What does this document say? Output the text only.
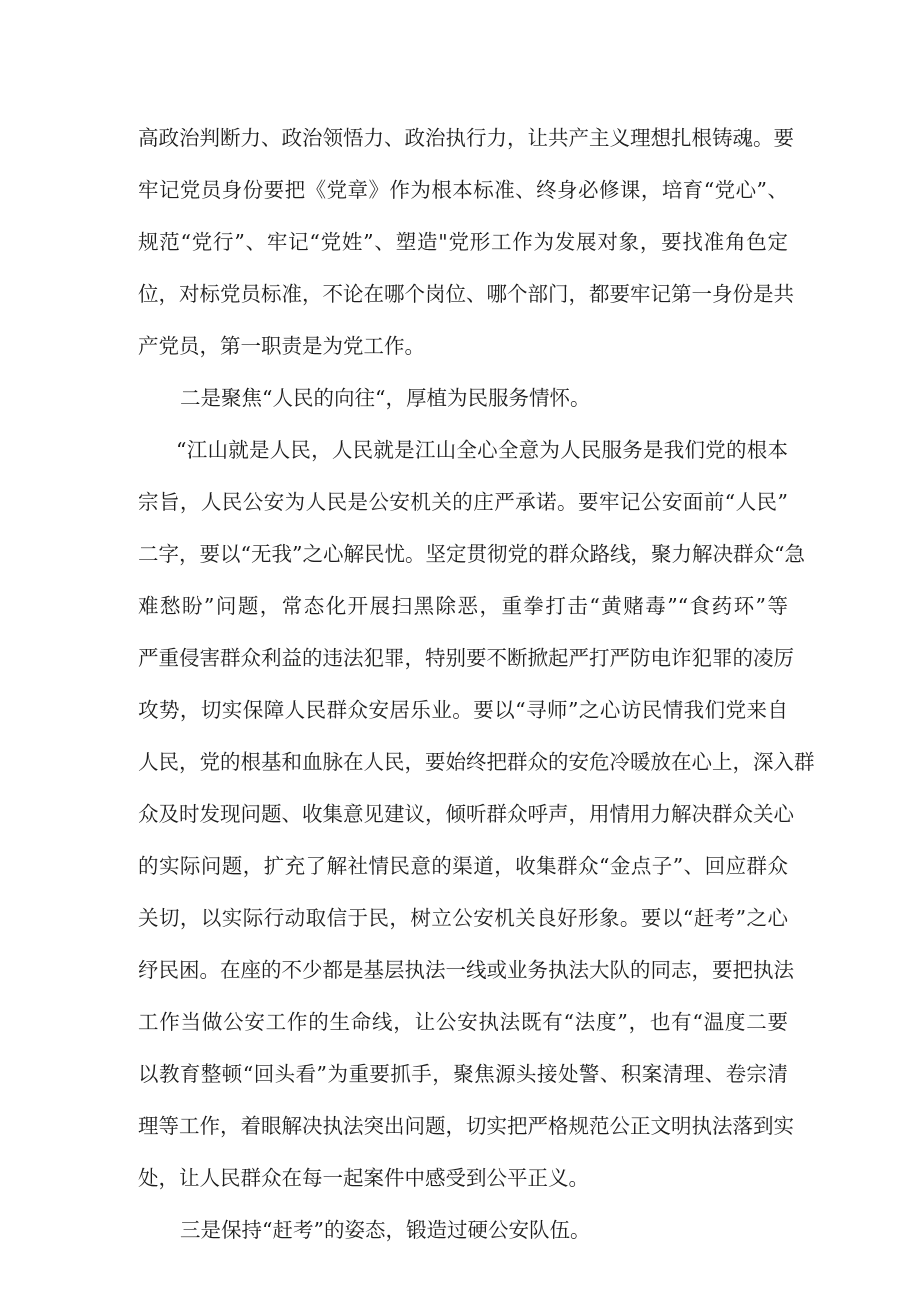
高政治判断力、政治领悟力、政治执行力，让共产主义理想扎根铸魂。要
牢记党员身份要把《党章》作为根本标准、终身必修课，培育“党心”、
规范“党行”、牢记“党姓”、塑造"党形工作为发展对象，要找准角色定
位，对标党员标准，不论在哪个岗位、哪个部门，都要牢记第一身份是共
产党员，第一职责是为党工作。
二是聚焦“人民的向往“，厚植为民服务情怀。
“江山就是人民，人民就是江山全心全意为人民服务是我们党的根本
宗旨，人民公安为人民是公安机关的庄严承诺。要牢记公安面前“人民”
二字，要以“无我”之心解民忧。坚定贯彻党的群众路线，聚力解决群众“急
难愁盼”问题，常态化开展扫黑除恶，重拳打击“黄赌毒”“食药环”等
严重侵害群众利益的违法犯罪，特别要不断掀起严打严防电诈犯罪的凌厉
攻势，切实保障人民群众安居乐业。要以“寻师”之心访民情我们党来自
人民，党的根基和血脉在人民，要始终把群众的安危冷暖放在心上，深入群
众及时发现问题、收集意见建议，倾听群众呼声，用情用力解决群众关心
的实际问题，扩充了解社情民意的渠道，收集群众“金点子”、回应群众
关切，以实际行动取信于民，树立公安机关良好形象。要以“赶考”之心
纾民困。在座的不少都是基层执法一线或业务执法大队的同志，要把执法
工作当做公安工作的生命线，让公安执法既有“法度”，也有“温度二要
以教育整顿“回头看”为重要抓手，聚焦源头接处警、积案清理、卷宗清
理等工作，着眼解决执法突出问题，切实把严格规范公正文明执法落到实
处，让人民群众在每一起案件中感受到公平正义。
三是保持“赶考”的姿态，锻造过硬公安队伍。
